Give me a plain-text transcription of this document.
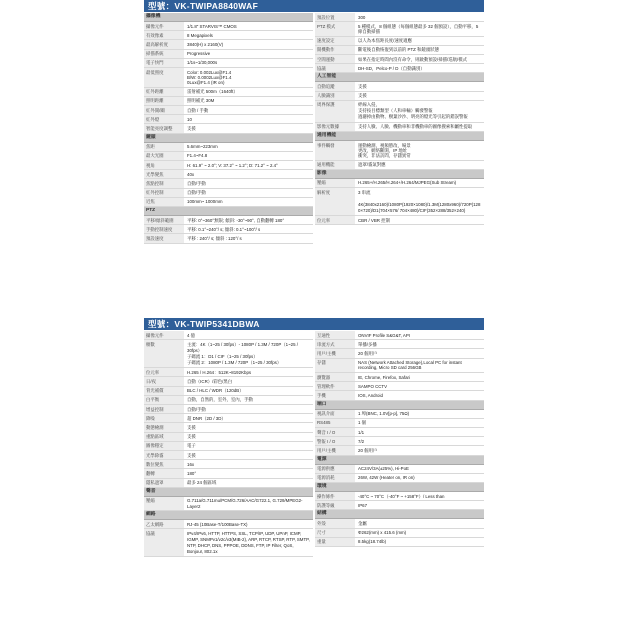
型號：VK-TWIPA8840WAF
攝像機
攝像元件	1/1.8" STARVIS™ CMOS
有效像素	8 Megapixels
最高解析度	3840(H) x 2160(V)
掃描系統	Progressive
電子快門	1/1s~1/30,000s
最低照度	Color: 0.002Lux@F1.4
B/W: 0.0002Lux@F1.4
0Lux@F1.4 (IR on)
紅外距離	雷射補光 500m（1640ft）
照明距離	照明補光 30M
紅外開/關	自動 / 手動
紅外燈	10
智能亮度調整	支援
鏡頭
焦距	5.6mm~223mm
最大光圈	F1.4~F4.8
視角	H: 61.9° ~ 2.0°; V: 37.2° ~ 1.2°; D: 71.2° ~ 2.4°
光學變焦	40x
焦點控制	自動/手動
紅外控制	自動/手動
近焦	100mm~ 1000mm
PTZ
平移/傾斜範圍	平移: 0°~360°無限; 傾斜: -30°~90°, 自動翻轉 180°
手動控制速度	平移: 0.1°~240°/ s; 傾斜: 0.1°~100°/ s
預設速度	平移 : 240°/ s; 傾斜 : 120°/ s
預設位置	300
PTZ 模式	5 種模式，8 個組態（每個組態最多 32 個預設），自動平移，5 條自動掃描
速度設定	以人為本焦距長度/速度適應
開機動作	斷電後自動恢復到以前的 PTZ 和鏡頭狀態
空閒運動	如果在指定時間內沒有命令，則啟動預設/掃描/巡航/模式
協議	DH-SD，Pelco-P / D（自動識別）
人工智能
自動追蹤	支援
人臉識別	支援
周界保護	絆線入侵，
支持按目標類型（人和車輛）觸發警報
過濾掉由動物、樹葉沙沙、明亮的燈光等引起的錯誤警報
影像元數據	支持人臉、人臉、機動車和非機動車的圖像搜索和屬性提取
通用機能
事件觸發	運動檢測，視頻篡改，場景
更改，網絡斷開，IP 地址
衝突，非法訪問，存儲異常
通用機能	遮罩/霧氣對應
影像
壓縮	H.265+/H.265/H.264+/H.264/MJPEG(Sub Stream)
解析度	3 串流

4K(3840x2160)/1080P(1920×1080)/1.3M(1280x960)/720P(1280×720)/D1(704×576/ 704×480)/CIF(352×288/352×240)
位元率	CBR / VBR 控制
型號：VK-TWIP5341DBWA
攝像元件	4 億
幀數	主流：4K（1~25 / 30fps）- 1080P / 1.3M / 720P（1~25 / 30fps）
子碼流 1：D1 / CIF（1~25 / 30fps）
子碼流 2：1080P / 1.3M / 720P（1~25 / 30fps）
位元率	H.265 / H.264：512K~8192Kbps
日/夜	自動（ICR）/彩色/黑白
背光補償	BLC / HLC / WDR（120dB）
白平衡	自動，自然的，室外，室內，手動
增益控制	自動/手動
降噪	超 DNR（2D / 3D）
動態檢測	支援
重點區域	支援
圖像穩定	電子
光學除霧	支援
數位變焦	16x
翻轉	180°
隱私遮罩	最多 24 個區域
聲音
壓縮	G.711a/G.711mu/PCM/G.726/AAC/G722.1, G.729/MPEG2-Layer2
網路
乙太網路	RJ-45 (10Base-T/100Base-TX)
協議	IPv4/IPv6, HTTP, HTTPS, SSL, TCP/IP, UDP, UPnP, ICMP, IGMP, SNMPv1/v2c/v3(MIB-2), ARP, RTCP, RTSP, RTP, SMTP, NTP, DHCP, DNS, PPPOE, DDNS, FTP, IP Filter, QoS, Bonjour, 802.1x
互通性	ONVIF Profile S&G&T, API
串流方式	單播/多播
用戶/主機	20 個用戶
存儲	NAS (Network Attached Storage),Local PC for instant recording, Micro SD card 256GB
瀏覽器	IE, Chrome, Firefox, Safari
管理軟件	SAMPO CCTV
手機	IOS, Android
端口
視訊介面	1 埠(BNC, 1.0V[p-p], 75Ω)
RS485	1 個
聲音 I / O	1/1
警報 I / O	7/2
用戶/主機	20 個用戶
電源
電源供應	AC24V/3A(±25%), Hi-PoE
電源消耗	26W, 42W (Heater on, IR on)
環境
操作條件	-40°C ~ 70°C（-40°F ~ +158°F）/ Less than
防護等級	IP67
結構
外殼	金屬
尺寸	Φ262(mm) x 415.6 (mm)
重量	8.5kg(18.74lb)
